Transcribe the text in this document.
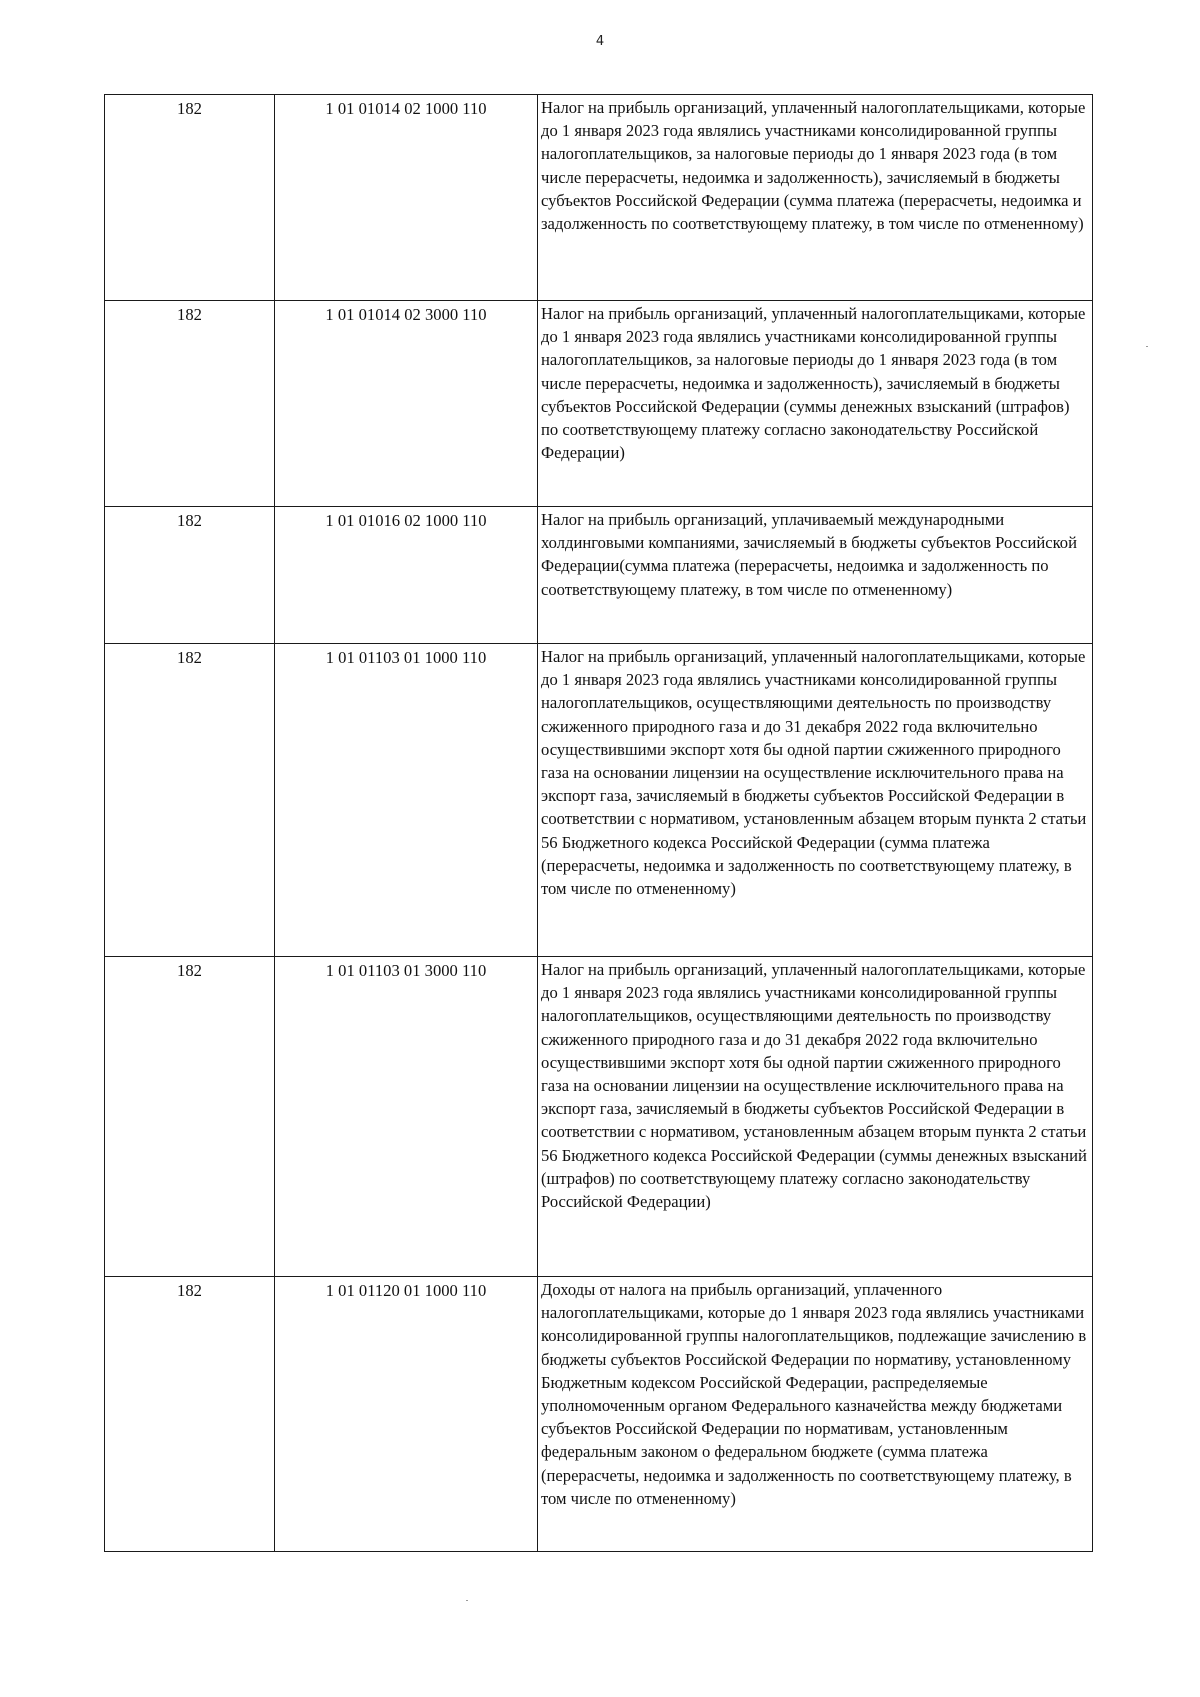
4
182	1 01 01014 02 1000 110	Налог на прибыль организаций, уплаченный налогоплательщиками, которые до 1 января 2023 года являлись участниками консолидированной группы налогоплательщиков, за налоговые периоды до 1 января 2023 года (в том числе перерасчеты, недоимка и задолженность), зачисляемый в бюджеты субъектов Российской Федерации (сумма платежа (перерасчеты, недоимка и задолженность по соответствующему платежу, в том числе по отмененному)

182	1 01 01014 02 3000 110	Налог на прибыль организаций, уплаченный налогоплательщиками, которые до 1 января 2023 года являлись участниками консолидированной группы налогоплательщиков, за налоговые периоды до 1 января 2023 года (в том числе перерасчеты, недоимка и задолженность), зачисляемый в бюджеты субъектов Российской Федерации (суммы денежных взысканий (штрафов) по соответствующему платежу согласно законодательству Российской Федерации)

182	1 01 01016 02 1000 110	Налог на прибыль организаций, уплачиваемый международными холдинговыми компаниями, зачисляемый в бюджеты субъектов Российской Федерации(сумма платежа (перерасчеты, недоимка и задолженность по соответствующему платежу, в том числе по отмененному)

182	1 01 01103 01 1000 110	Налог на прибыль организаций, уплаченный налогоплательщиками, которые до 1 января 2023 года являлись участниками консолидированной группы налогоплательщиков, осуществляющими деятельность по производству сжиженного природного газа и до 31 декабря 2022 года включительно осуществившими экспорт хотя бы одной партии сжиженного природного газа на основании лицензии на осуществление исключительного права на экспорт газа, зачисляемый в бюджеты субъектов Российской Федерации в соответствии с нормативом, установленным абзацем вторым пункта 2 статьи 56 Бюджетного кодекса Российской Федерации (сумма платежа (перерасчеты, недоимка и задолженность по соответствующему платежу, в том числе по отмененному)

182	1 01 01103 01 3000 110	Налог на прибыль организаций, уплаченный налогоплательщиками, которые до 1 января 2023 года являлись участниками консолидированной группы налогоплательщиков, осуществляющими деятельность по производству сжиженного природного газа и до 31 декабря 2022 года включительно осуществившими экспорт хотя бы одной партии сжиженного природного газа на основании лицензии на осуществление исключительного права на экспорт газа, зачисляемый в бюджеты субъектов Российской Федерации в соответствии с нормативом, установленным абзацем вторым пункта 2 статьи 56 Бюджетного кодекса Российской Федерации (суммы денежных взысканий (штрафов) по соответствующему платежу согласно законодательству Российской Федерации)

182	1 01 01120 01 1000 110	Доходы от налога на прибыль организаций, уплаченного налогоплательщиками, которые до 1 января 2023 года являлись участниками консолидированной группы налогоплательщиков, подлежащие зачислению в бюджеты субъектов Российской Федерации по нормативу, установленному Бюджетным кодексом Российской Федерации, распределяемые уполномоченным органом Федерального казначейства между бюджетами субъектов Российской Федерации по нормативам, установленным федеральным законом о федеральном бюджете (сумма платежа (перерасчеты, недоимка и задолженность по соответствующему платежу, в том числе по отмененному)
